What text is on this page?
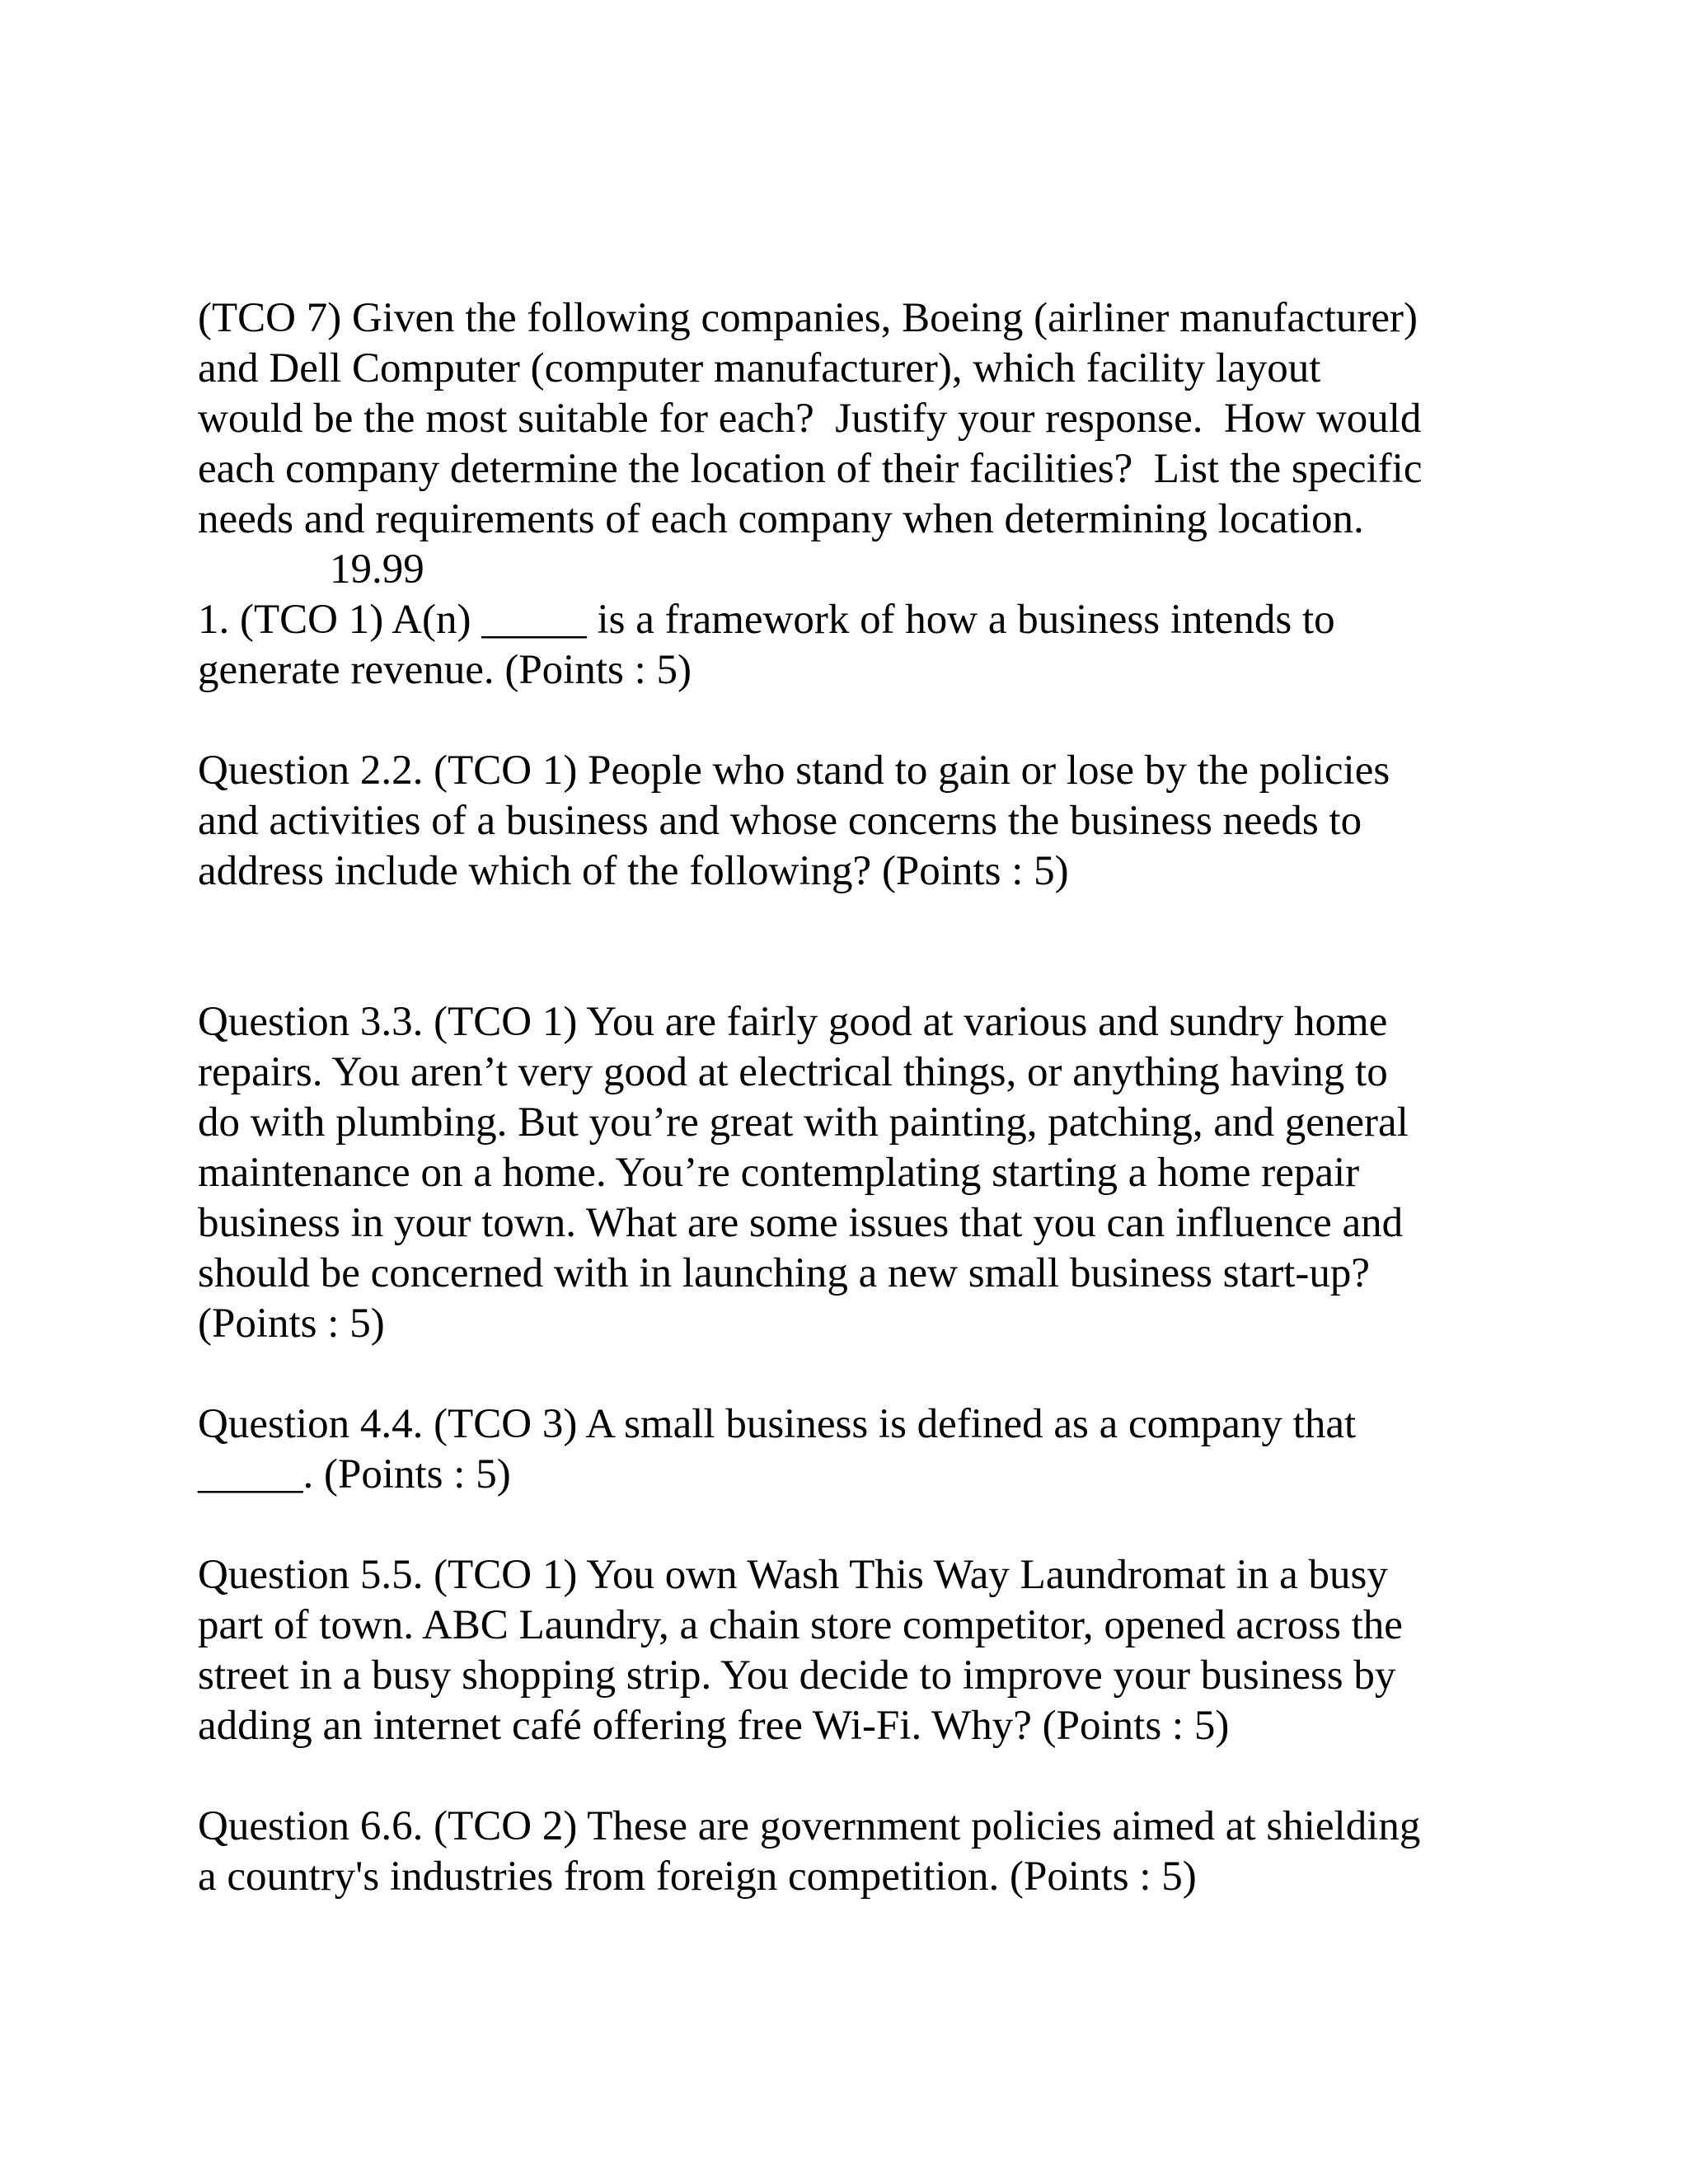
(TCO 7) Given the following companies, Boeing (airliner manufacturer)
and Dell Computer (computer manufacturer), which facility layout
would be the most suitable for each?  Justify your response.  How would
each company determine the location of their facilities?  List the specific
needs and requirements of each company when determining location.
19.99
1. (TCO 1) A(n) _____ is a framework of how a business intends to
generate revenue. (Points : 5)
Question 2.2. (TCO 1) People who stand to gain or lose by the policies
and activities of a business and whose concerns the business needs to
address include which of the following? (Points : 5)
Question 3.3. (TCO 1) You are fairly good at various and sundry home
repairs. You aren’t very good at electrical things, or anything having to
do with plumbing. But you’re great with painting, patching, and general
maintenance on a home. You’re contemplating starting a home repair
business in your town. What are some issues that you can influence and
should be concerned with in launching a new small business start-up?
(Points : 5)
Question 4.4. (TCO 3) A small business is defined as a company that
_____. (Points : 5)
Question 5.5. (TCO 1) You own Wash This Way Laundromat in a busy
part of town. ABC Laundry, a chain store competitor, opened across the
street in a busy shopping strip. You decide to improve your business by
adding an internet café offering free Wi-Fi. Why? (Points : 5)
Question 6.6. (TCO 2) These are government policies aimed at shielding
a country's industries from foreign competition. (Points : 5)
